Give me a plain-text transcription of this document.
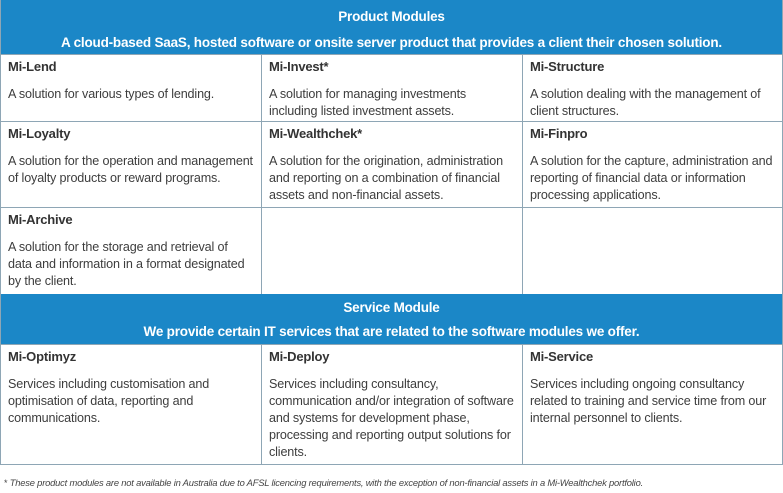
Product Modules
A cloud-based SaaS, hosted software or onsite server product that provides a client their chosen solution.
Mi-Lend
A solution for various types of lending.
Mi-Invest*
A solution for managing investments including listed investment assets.
Mi-Structure
A solution dealing with the management of client structures.
Mi-Loyalty
A solution for the operation and management of loyalty products or reward programs.
Mi-Wealthchek*
A solution for the origination, administration and reporting on a combination of financial assets and non-financial assets.
Mi-Finpro
A solution for the capture, administration and reporting of financial data or information processing applications.
Mi-Archive
A solution for the storage and retrieval of data and information in a format designated by the client.
Service Module
We provide certain IT services that are related to the software modules we offer.
Mi-Optimyz
Services including customisation and optimisation of data, reporting and communications.
Mi-Deploy
Services including consultancy, communication and/or integration of software and systems for development phase, processing and reporting output solutions for clients.
Mi-Service
Services including ongoing consultancy related to training and service time from our internal personnel to clients.
* These product modules are not available in Australia due to AFSL licencing requirements, with the exception of non-financial assets in a Mi-Wealthchek portfolio.
